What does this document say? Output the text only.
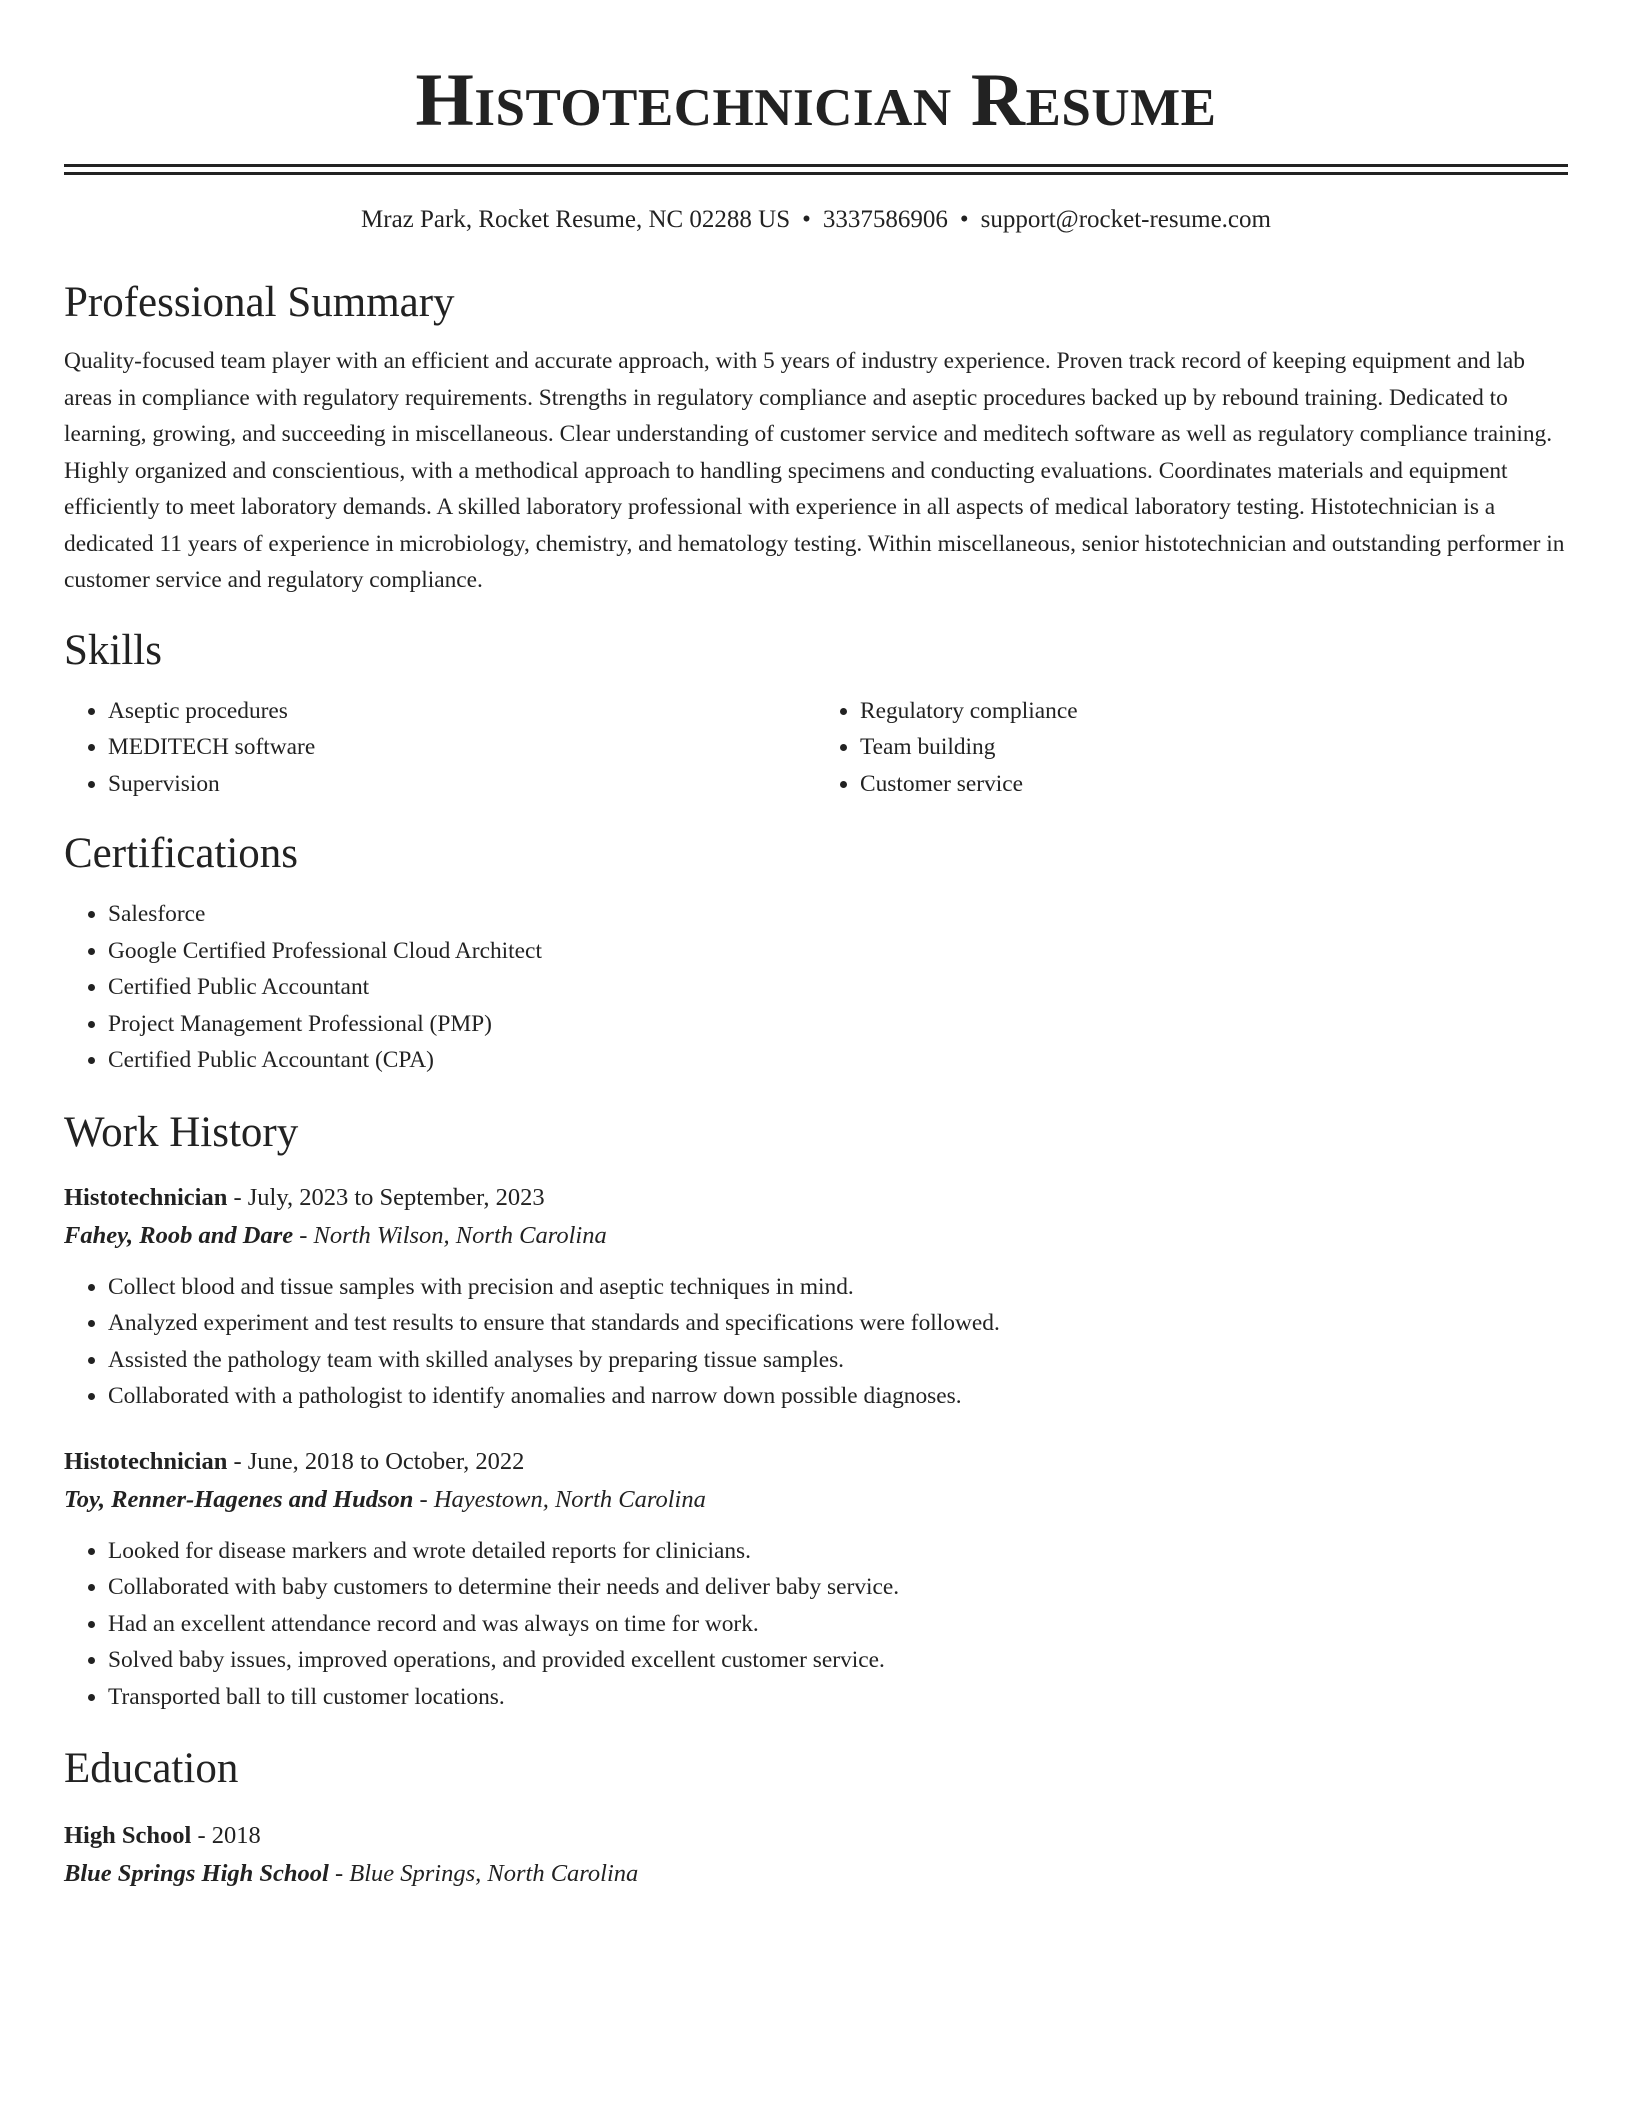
Histotechnician Resume
Mraz Park, Rocket Resume, NC 02288 US • 3337586906 • support@rocket-resume.com
Professional Summary

Quality-focused team player with an efficient and accurate approach, with 5 years of industry experience. Proven track record of keeping equipment and lab areas in compliance with regulatory requirements. Strengths in regulatory compliance and aseptic procedures backed up by rebound training. Dedicated to learning, growing, and succeeding in miscellaneous. Clear understanding of customer service and meditech software as well as regulatory compliance training. Highly organized and conscientious, with a methodical approach to handling specimens and conducting evaluations. Coordinates materials and equipment efficiently to meet laboratory demands. A skilled laboratory professional with experience in all aspects of medical laboratory testing. Histotechnician is a dedicated 11 years of experience in microbiology, chemistry, and hematology testing. Within miscellaneous, senior histotechnician and outstanding performer in customer service and regulatory compliance.

Skills
• Aseptic procedures
• MEDITECH software
• Supervision
• Regulatory compliance
• Team building
• Customer service
Certifications
• Salesforce
• Google Certified Professional Cloud Architect
• Certified Public Accountant
• Project Management Professional (PMP)
• Certified Public Accountant (CPA)
Work History
Histotechnician - July, 2023 to September, 2023
Fahey, Roob and Dare - North Wilson, North Carolina
• Collect blood and tissue samples with precision and aseptic techniques in mind.
• Analyzed experiment and test results to ensure that standards and specifications were followed.
• Assisted the pathology team with skilled analyses by preparing tissue samples.
• Collaborated with a pathologist to identify anomalies and narrow down possible diagnoses.
Histotechnician - June, 2018 to October, 2022
Toy, Renner-Hagenes and Hudson - Hayestown, North Carolina
• Looked for disease markers and wrote detailed reports for clinicians.
• Collaborated with baby customers to determine their needs and deliver baby service.
• Had an excellent attendance record and was always on time for work.
• Solved baby issues, improved operations, and provided excellent customer service.
• Transported ball to till customer locations.
Education
High School - 2018
Blue Springs High School - Blue Springs, North Carolina
